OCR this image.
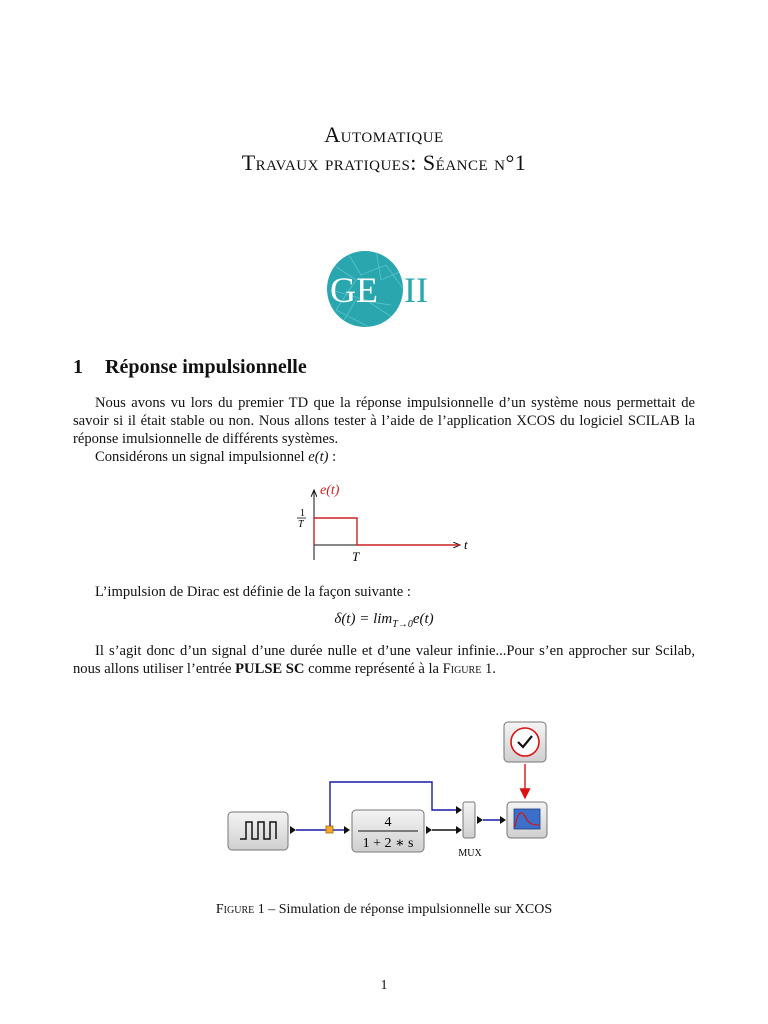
Automatique
Travaux pratiques: Séance n°1
GE II
1 Réponse impulsionnelle
Nous avons vu lors du premier TD que la réponse impulsionnelle d’un système nous permettait de savoir si il était stable ou non. Nous allons tester à l’aide de l’application XCOS du logiciel SCILAB la réponse imulsionnelle de différents systèmes.
Considérons un signal impulsionnel e(t) :
e(t)
t
1
T
T
L’impulsion de Dirac est définie de la façon suivante :
$\delta(t) = \lim_{T\to 0}e(t)$
Il s’agit donc d’un signal d’une durée nulle et d’une valeur infinie...Pour s’en approcher sur Scilab, nous allons utiliser l’entrée PULSE SC comme représenté à la Figure 1.
4
1 + 2 ∗ s
MUX
Figure 1 – Simulation de réponse impulsionnelle sur XCOS
1
